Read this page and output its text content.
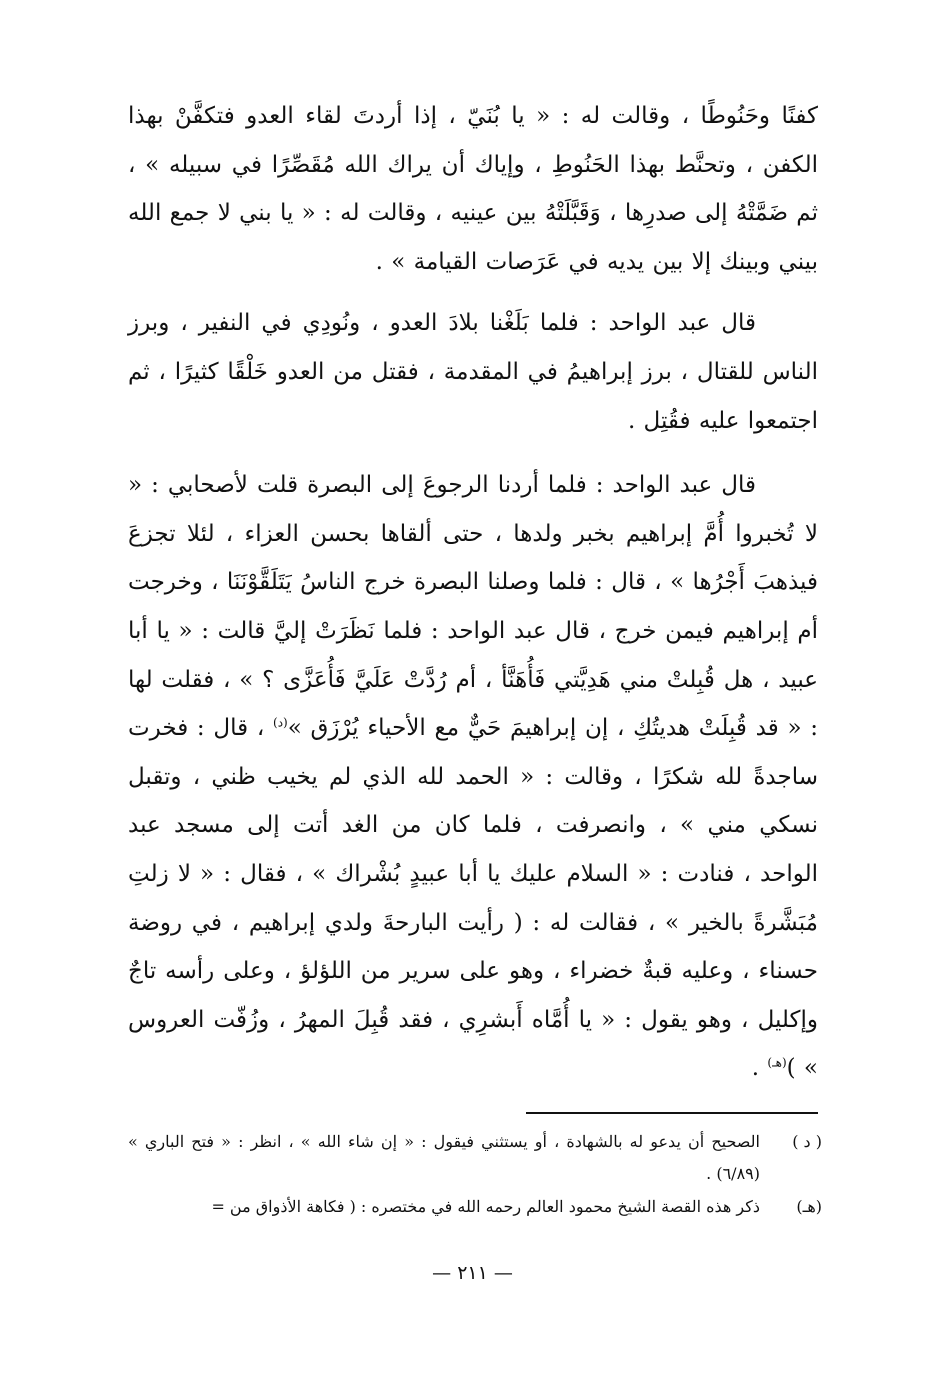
كفنًا وحَنُوطًا ، وقالت له : « يا بُنَيّ ، إذا أردتَ لقاء العدو فتكفَّنْ بهذا الكفن ، وتحنَّط بهذا الحَنُوطِ ، وإياك أن يراك الله مُقَصِّرًا في سبيله » ، ثم ضَمَّتْهُ إلى صدرِها ، وَقَبَّلَتْهُ بين عينيه ، وقالت له : « يا بني لا جمع الله بيني وبينك إلا بين يديه في عَرَصات القيامة » .

قال عبد الواحد : فلما بَلَغْنا بلادَ العدو ، ونُودِي في النفير ، وبرز الناس للقتال ، برز إبراهيمُ في المقدمة ، فقتل من العدو خَلْقًا كثيرًا ، ثم اجتمعوا عليه فقُتِل .

قال عبد الواحد : فلما أردنا الرجوعَ إلى البصرة قلت لأصحابي : « لا تُخبروا أُمَّ إبراهيم بخبر ولدها ، حتى ألقاها بحسن العزاء ، لئلا تجزعَ فيذهبَ أَجْرُها » ، قال : فلما وصلنا البصرة خرج الناسُ يَتَلَقَّوْنَنَا ، وخرجت أم إبراهيم فيمن خرج ، قال عبد الواحد : فلما نَظَرَتْ إليَّ قالت : « يا أبا عبيد ، هل قُبِلتْ مني هَدِيَّتي فَأُهَنَّأ ، أم رُدَّتْ عَلَيَّ فَأُعَزَّى ؟ » ، فقلت لها : « قد قُبِلَتْ هديتُكِ ، إن إبراهيمَ حَيٌّ مع الأحياء يُرْزَق »$^{(د)}$ ، قال : فخرت ساجدةً لله شكرًا ، وقالت : « الحمد لله الذي لم يخيب ظني ، وتقبل نسكي مني » ، وانصرفت ، فلما كان من الغد أتت إلى مسجد عبد الواحد ، فنادت : « السلام عليك يا أبا عبيدٍ بُشْراك » ، فقال : « لا زلتِ مُبَشَّرةً بالخير » ، فقالت له : ( رأيت البارحةَ ولدي إبراهيم ، في روضة حسناء ، وعليه قبةٌ خضراء ، وهو على سرير من اللؤلؤ ، وعلى رأسه تاجٌ وإكليل ، وهو يقول : « يا أُمَّاه أَبشرِي ، فقد قُبِلَ المهرُ ، وزُفّت العروس » )$^{(هـ)}$ .

( د )
الصحيح أن يدعو له بالشهادة ، أو يستثني فيقول : « إن شاء الله » ، انظر : « فتح الباري » (٦/٨٩) .
(هـ)
ذكر هذه القصة الشيخ محمود العالم رحمه الله في مختصره : ( فكاهة الأذواق من =
— ٢١١ —
